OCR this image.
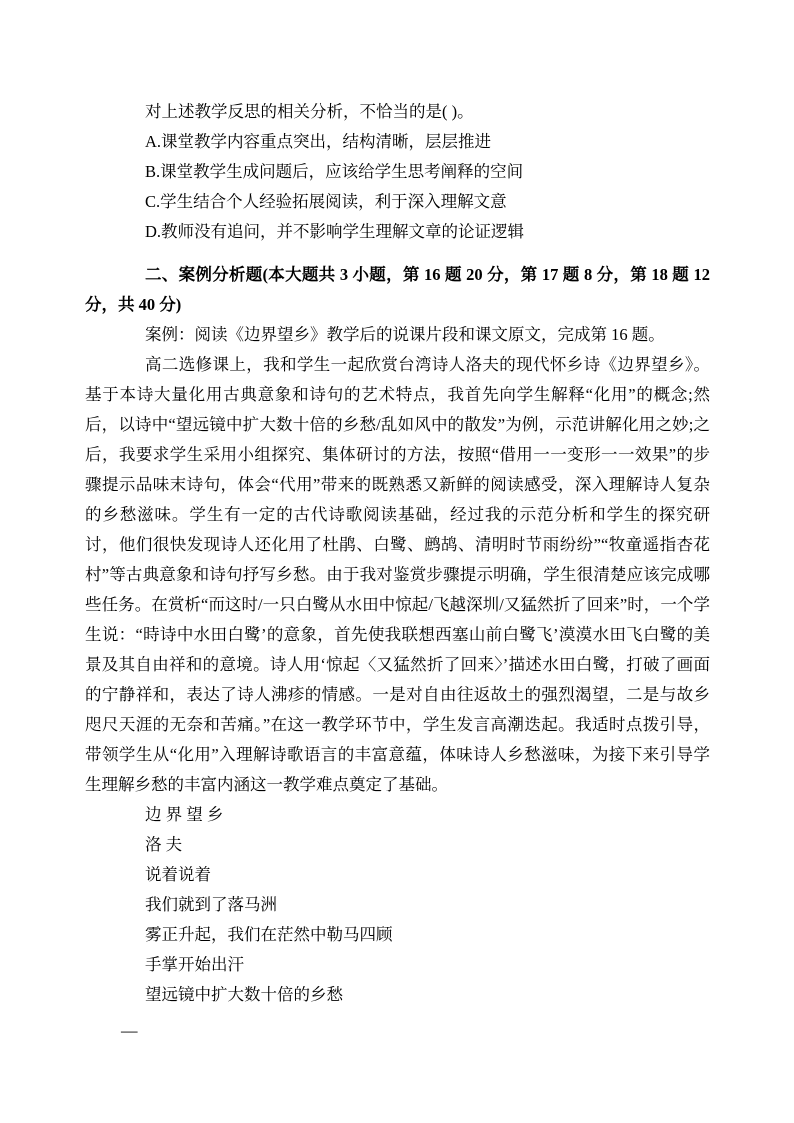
对上述教学反思的相关分析，不恰当的是( )。
A.课堂教学内容重点突出，结构清晰，层层推进
B.课堂教学生成问题后，应该给学生思考阐释的空间
C.学生结合个人经验拓展阅读，利于深入理解文意
D.教师没有追问，并不影响学生理解文章的论证逻辑
二、案例分析题(本大题共 3 小题，第 16 题 20 分，第 17 题 8 分，第 18 题 12 分，共 40 分)
案例：阅读《边界望乡》教学后的说课片段和课文原文，完成第 16 题。
高二选修课上，我和学生一起欣赏台湾诗人洛夫的现代怀乡诗《边界望乡》。基于本诗大量化用古典意象和诗句的艺术特点，我首先向学生解释“化用”的概念;然后，以诗中“望远镜中扩大数十倍的乡愁/乱如风中的散发”为例，示范讲解化用之妙;之后，我要求学生采用小组探究、集体研讨的方法，按照“借用一一变形一一效果”的步骤提示品味末诗句，体会“代用”带来的既熟悉又新鲜的阅读感受，深入理解诗人复杂的乡愁滋味。学生有一定的古代诗歌阅读基础，经过我的示范分析和学生的探究研讨，他们很快发现诗人还化用了杜鹃、白鹭、鹧鸪、清明时节雨纷纷”“牧童遥指杏花村”等古典意象和诗句抒写乡愁。由于我对鉴赏步骤提示明确，学生很清楚应该完成哪些任务。在赏析“而这时/一只白鹭从水田中惊起/飞越深圳/又猛然折了回来”时，一个学生说：“時诗中水田白鹭’的意象，首先使我联想西塞山前白鹭飞’漠漠水田飞白鹭的美景及其自由祥和的意境。诗人用‘惊起〈又猛然折了回来〉’描述水田白鹭，打破了画面的宁静祥和，表达了诗人沸疹的情感。一是对自由往返故土的强烈渴望，二是与故乡咫尺天涯的无奈和苦痛。”在这一教学环节中，学生发言高潮迭起。我适时点拨引导，带领学生从“化用”入理解诗歌语言的丰富意蕴，体味诗人乡愁滋味，为接下来引导学生理解乡愁的丰富内涵这一教学难点奠定了基础。
边 界 望 乡
洛 夫
说着说着
我们就到了落马洲
雾正升起，我们在茫然中勒马四顾
手掌开始出汗
望远镜中扩大数十倍的乡愁
—
